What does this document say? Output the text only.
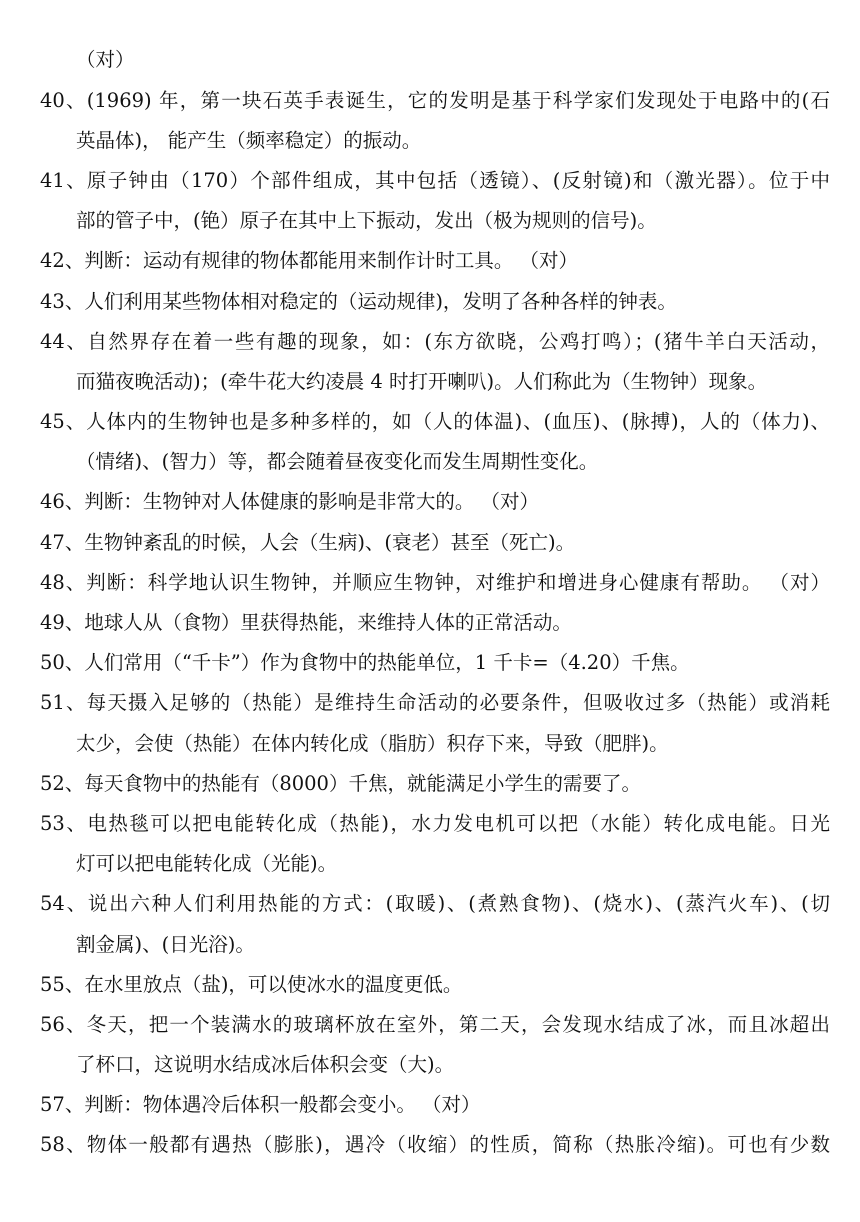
（对）
40、(1969) 年，第一块石英手表诞生，它的发明是基于科学家们发现处于电路中的(石
英晶体)， 能产生（频率稳定）的振动。
41、原子钟由（170）个部件组成，其中包括（透镜）、(反射镜)和（激光器）。位于中
部的管子中，(铯）原子在其中上下振动，发出（极为规则的信号)。
42、判断：运动有规律的物体都能用来制作计时工具。 （对）
43、人们利用某些物体相对稳定的（运动规律)，发明了各种各样的钟表。
44、自然界存在着一些有趣的现象，如：(东方欲晓，公鸡打鸣）；(猪牛羊白天活动，
而猫夜晚活动)；(牵牛花大约凌晨 4 时打开喇叭)。人们称此为（生物钟）现象。
45、人体内的生物钟也是多种多样的，如（人的体温)、(血压)、(脉搏)，人的（体力)、
（情绪)、(智力）等，都会随着昼夜变化而发生周期性变化。
46、判断：生物钟对人体健康的影响是非常大的。 （对）
47、生物钟紊乱的时候，人会（生病)、(衰老）甚至（死亡)。
48、判断：科学地认识生物钟，并顺应生物钟，对维护和增进身心健康有帮助。 （对）
49、地球人从（食物）里获得热能，来维持人体的正常活动。
50、人们常用（“千卡”）作为食物中的热能单位，1 千卡=（4.20）千焦。
51、每天摄入足够的（热能）是维持生命活动的必要条件，但吸收过多（热能）或消耗
太少，会使（热能）在体内转化成（脂肪）积存下来，导致（肥胖)。
52、每天食物中的热能有（8000）千焦，就能满足小学生的需要了。
53、电热毯可以把电能转化成（热能)，水力发电机可以把（水能）转化成电能。日光
灯可以把电能转化成（光能)。
54、说出六种人们利用热能的方式：(取暖)、(煮熟食物)、(烧水)、(蒸汽火车)、(切
割金属)、(日光浴)。
55、在水里放点（盐)，可以使冰水的温度更低。
56、冬天，把一个装满水的玻璃杯放在室外，第二天，会发现水结成了冰，而且冰超出
了杯口，这说明水结成冰后体积会变（大)。
57、判断：物体遇冷后体积一般都会变小。 （对）
58、物体一般都有遇热（膨胀)，遇冷（收缩）的性质，简称（热胀冷缩)。可也有少数
